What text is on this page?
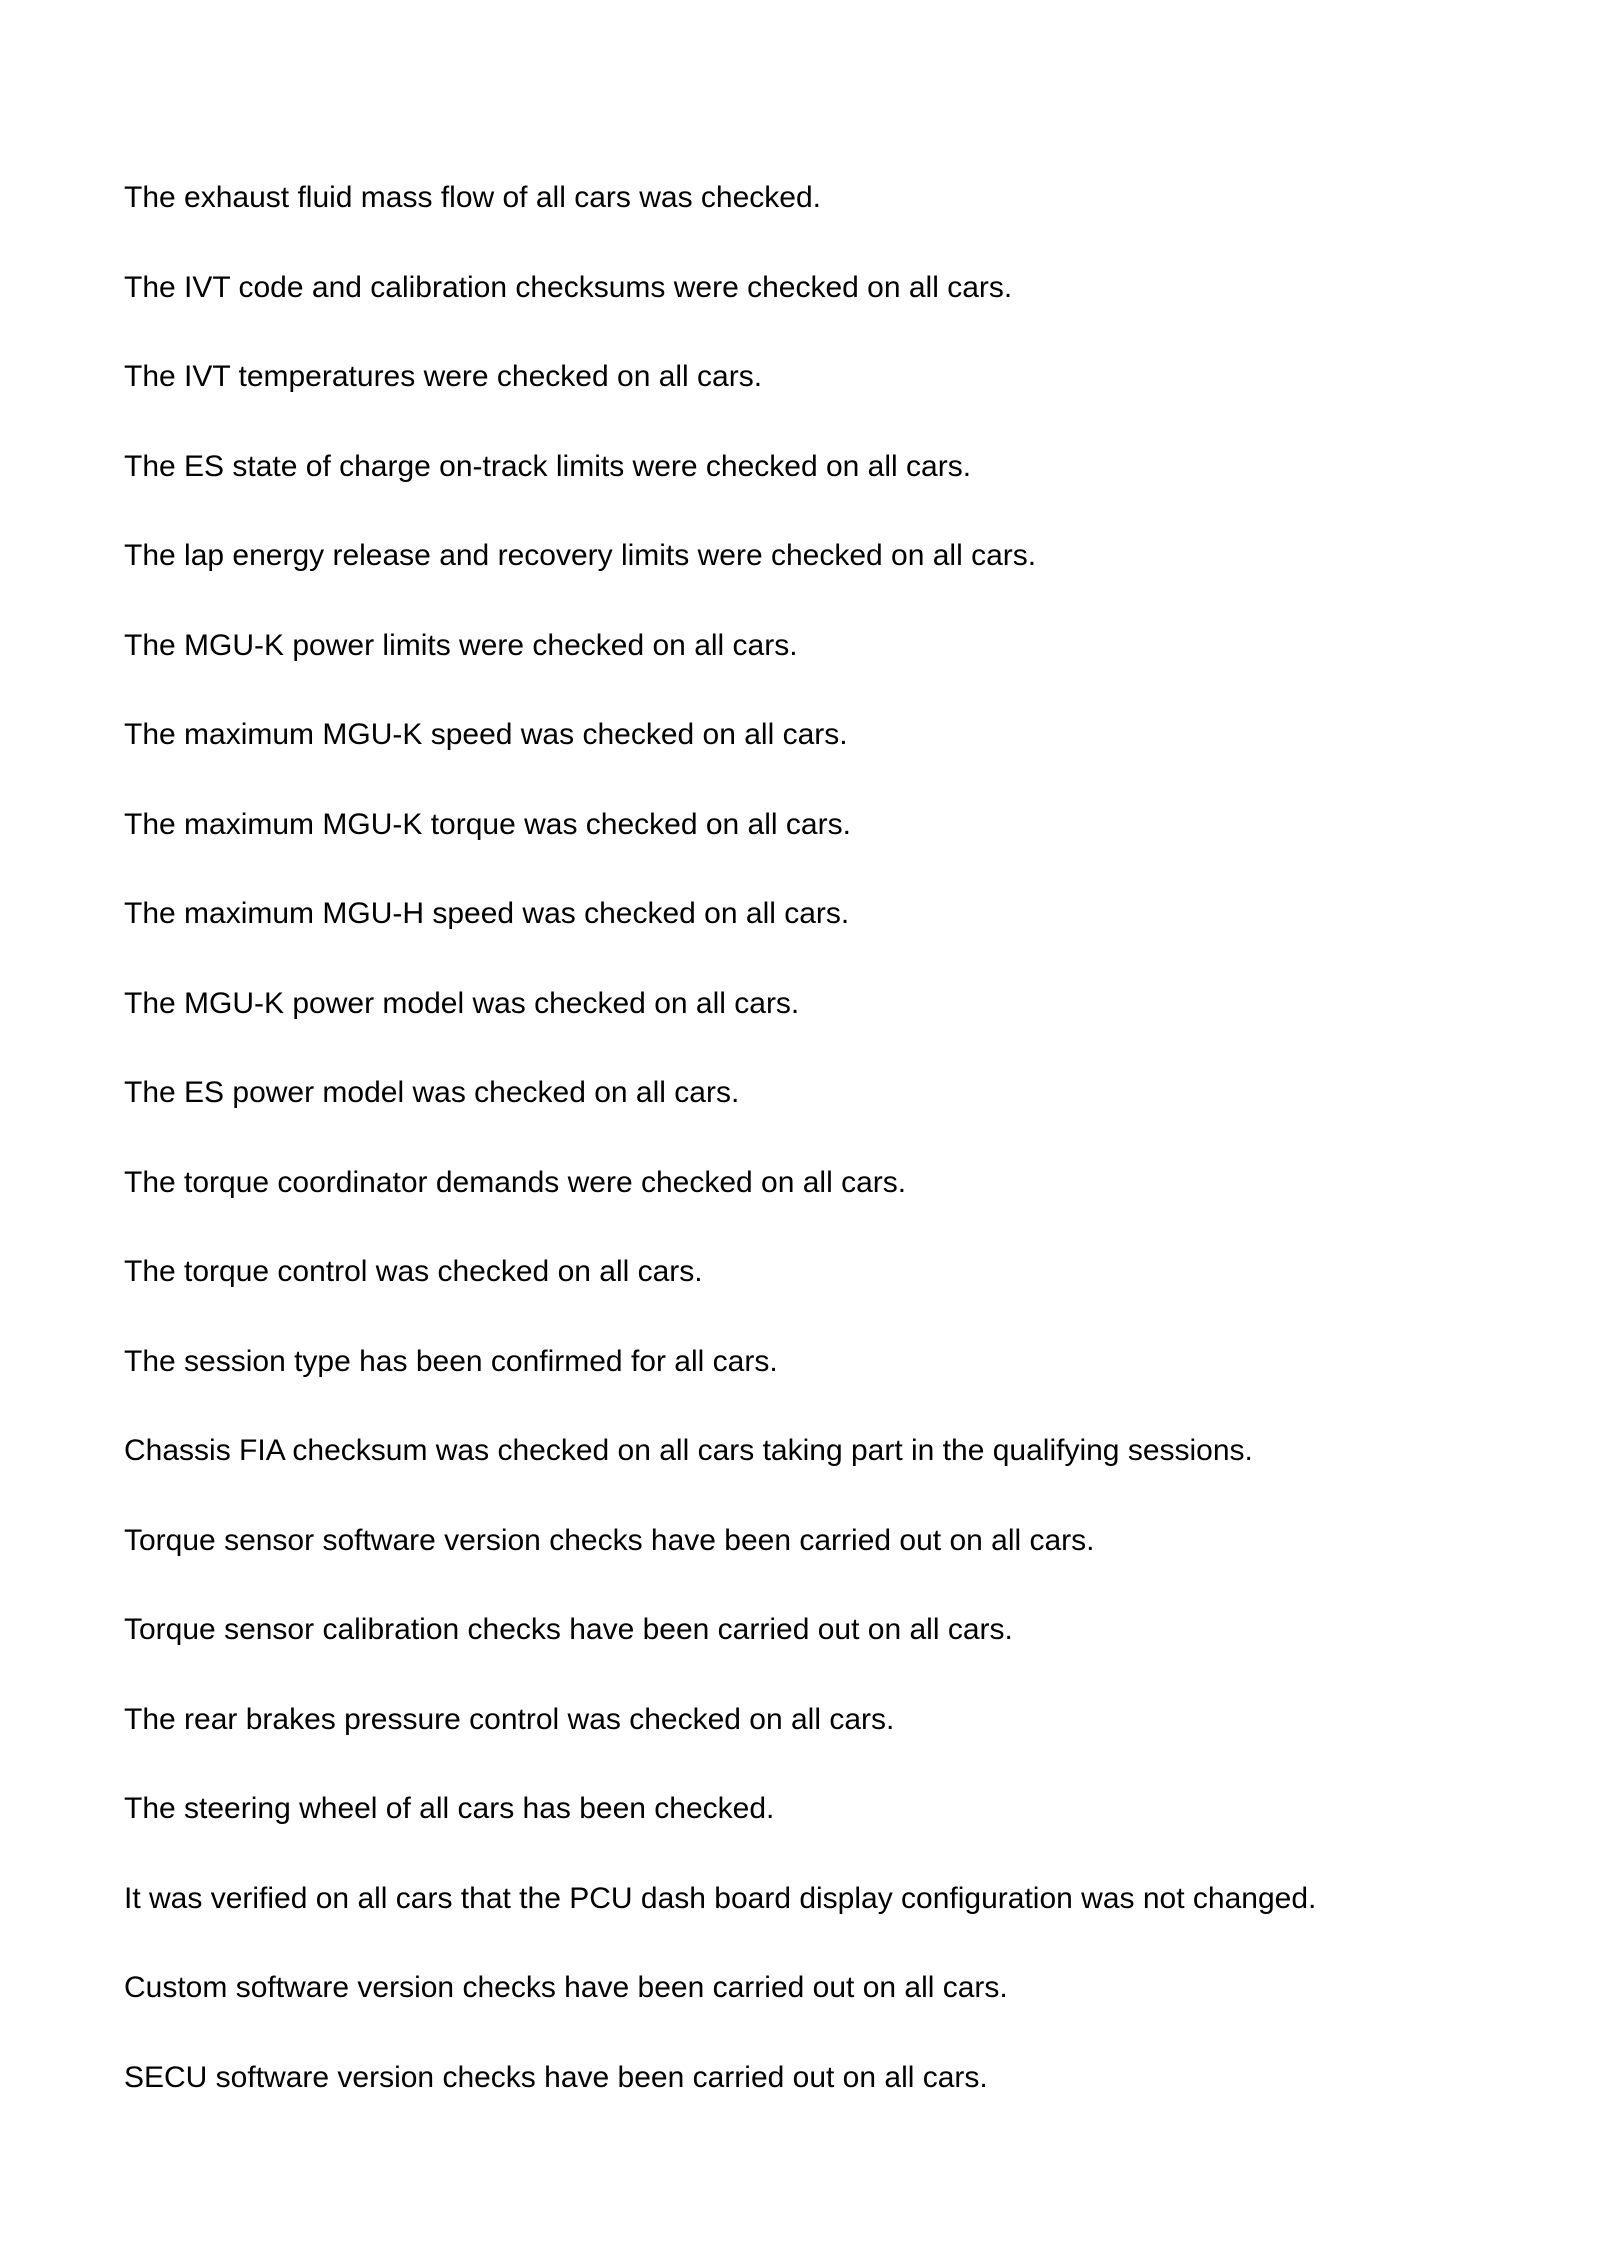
The exhaust fluid mass flow of all cars was checked.
The IVT code and calibration checksums were checked on all cars.
The IVT temperatures were checked on all cars.
The ES state of charge on-track limits were checked on all cars.
The lap energy release and recovery limits were checked on all cars.
The MGU-K power limits were checked on all cars.
The maximum MGU-K speed was checked on all cars.
The maximum MGU-K torque was checked on all cars.
The maximum MGU-H speed was checked on all cars.
The MGU-K power model was checked on all cars.
The ES power model was checked on all cars.
The torque coordinator demands were checked on all cars.
The torque control was checked on all cars.
The session type has been confirmed for all cars.
Chassis FIA checksum was checked on all cars taking part in the qualifying sessions.
Torque sensor software version checks have been carried out on all cars.
Torque sensor calibration checks have been carried out on all cars.
The rear brakes pressure control was checked on all cars.
The steering wheel of all cars has been checked.
It was verified on all cars that the PCU dash board display configuration was not changed.
Custom software version checks have been carried out on all cars.
SECU software version checks have been carried out on all cars.
